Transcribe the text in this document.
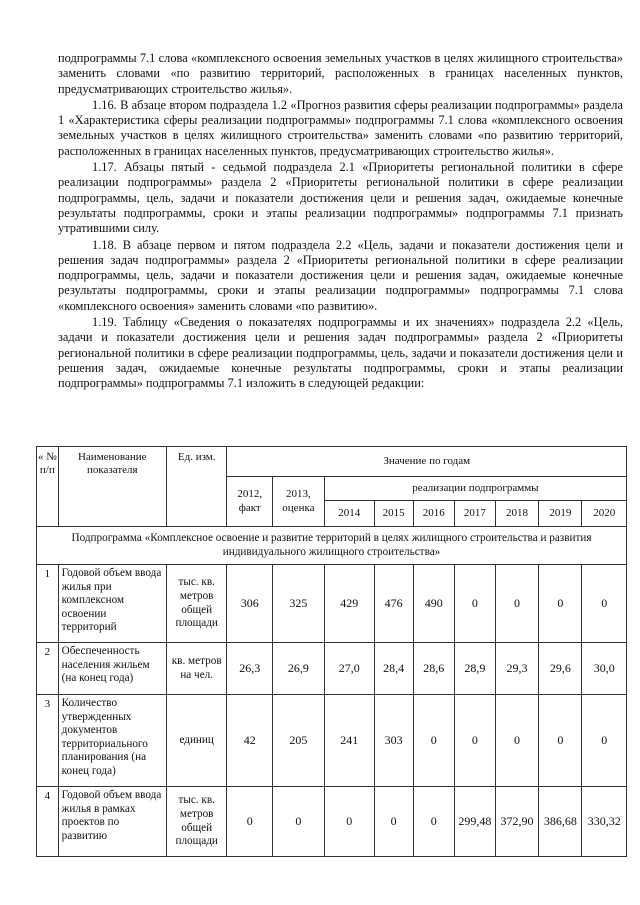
подпрограммы 7.1 слова «комплексного освоения земельных участков в целях жилищного строительства» заменить словами «по развитию территорий, расположенных в границах населенных пунктов, предусматривающих строительство жилья».

1.16. В абзаце втором подраздела 1.2 «Прогноз развития сферы реализации подпрограммы» раздела 1 «Характеристика сферы реализации подпрограммы» подпрограммы 7.1 слова «комплексного освоения земельных участков в целях жилищного строительства» заменить словами «по развитию территорий, расположенных в границах населенных пунктов, предусматривающих строительство жилья».

1.17. Абзацы пятый - седьмой подраздела 2.1 «Приоритеты региональной политики в сфере реализации подпрограммы» раздела 2 «Приоритеты региональной политики в сфере реализации подпрограммы, цель, задачи и показатели достижения цели и решения задач, ожидаемые конечные результаты подпрограммы, сроки и этапы реализации подпрограммы» подпрограммы 7.1 признать утратившими силу.

1.18. В абзаце первом и пятом подраздела 2.2 «Цель, задачи и показатели достижения цели и решения задач подпрограммы» раздела 2 «Приоритеты региональной политики в сфере реализации подпрограммы, цель, задачи и показатели достижения цели и решения задач, ожидаемые конечные результаты подпрограммы, сроки и этапы реализации подпрограммы» подпрограммы 7.1 слова «комплексного освоения» заменить словами «по развитию».

1.19. Таблицу «Сведения о показателях подпрограммы и их значениях» подраздела 2.2 «Цель, задачи и показатели достижения цели и решения задач подпрограммы» раздела 2 «Приоритеты региональной политики в сфере реализации подпрограммы, цель, задачи и показатели достижения цели и решения задач, ожидаемые конечные результаты подпрограммы, сроки и этапы реализации подпрограммы» подпрограммы 7.1 изложить в следующей редакции:

« № п/п	Наименование показателя	Ед. изм.	Значение по годам								
			2012, факт	2013, оценка	реализации подпрограммы						
					2014	2015	2016	2017	2018	2019	2020
Подпрограмма «Комплексное освоение и развитие территорий в целях жилищного строительства и развития индивидуального жилищного строительства»											
1	Годовой объем ввода жилья при комплексном освоении территорий	тыс. кв. метров общей площади	306	325	429	476	490	0	0	0	0
2	Обеспеченность населения жильем (на конец года)	кв. метров на чел.	26,3	26,9	27,0	28,4	28,6	28,9	29,3	29,6	30,0
3	Количество утвержденных документов территориального планирования (на конец года)	единиц	42	205	241	303	0	0	0	0	0
4	Годовой объем ввода жилья в рамках проектов по развитию	тыс. кв. метров общей площади	0	0	0	0	0	299,48	372,90	386,68	330,32
